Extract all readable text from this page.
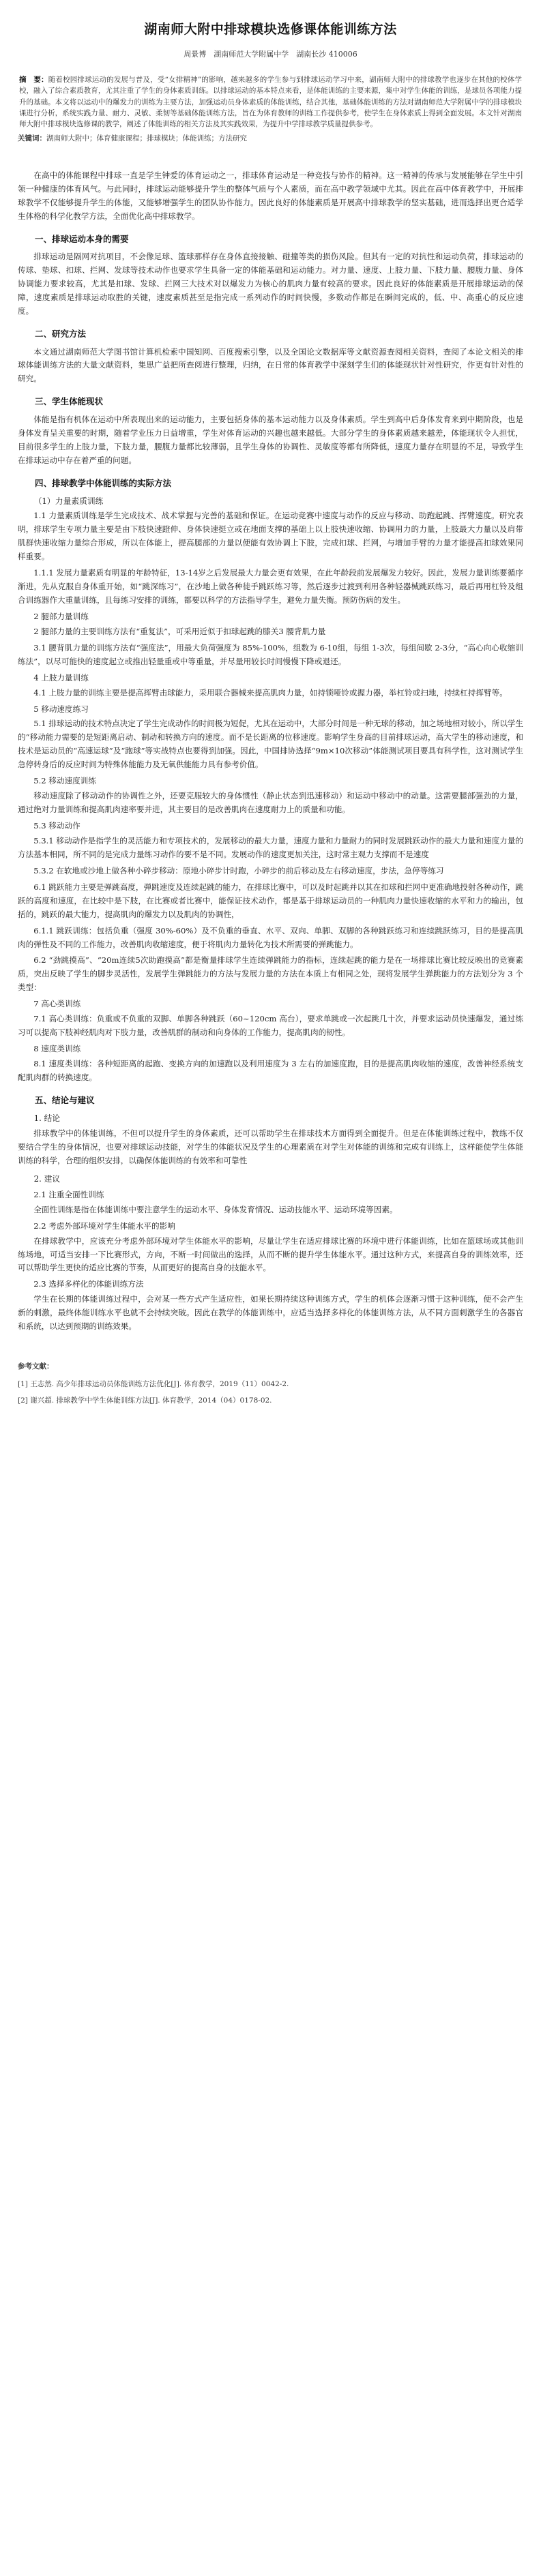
湖南师大附中排球模块选修课体能训练方法
周景博　湖南师范大学附属中学　湖南长沙 410006
摘　要：随着校园排球运动的发展与普及，受“女排精神”的影响，越来越多的学生参与到排球运动学习中来，湖南师大附中的排球教学也逐步在其他的校体学校，融入了综合素质教育，尤其注重了学生的身体素质训练。以排球运动的基本特点来看，是体能训练的主要来源，集中对学生体能的训练，是球员各项能力提升的基础。本文将以运动中的爆发力的训练为主要方法，加强运动员身体素质的体能训练，结合其他，基础体能训练的方法对湖南师范大学附属中学的排球模块课进行分析，系统实践力量、耐力、灵敏、柔韧等基础体能训练方法，旨在为体育教师的训练工作提供参考，使学生在身体素质上得到全面发展。本文针对湖南师大附中排球模块选修课的教学，阐述了体能训练的相关方法及其实践效果，为提升中学排球教学质量提供参考。
关键词：湖南师大附中；体育健康课程；排球模块；体能训练；方法研究

在高中的体能课程中排球一直是学生钟爱的体育运动之一，排球体育运动是一种竞技与协作的精神。这一精神的传承与发展能够在学生中引领一种健康的体育风气。与此同时，排球运动能够提升学生的整体气质与个人素质，而在高中教学领域中尤其。因此在高中体育教学中，开展排球教学不仅能够提升学生的体能，又能够增强学生的团队协作能力。因此良好的体能素质是开展高中排球教学的坚实基础，进而选择出更合适学生体格的科学化教学方法，全面优化高中排球教学。

一、排球运动本身的需要

排球运动是隔网对抗项目，不会像足球、篮球那样存在身体直接接触、碰撞等类的损伤风险。但其有一定的对抗性和运动负荷，排球运动的传球、垫球、扣球、拦网、发球等技术动作也要求学生具备一定的体能基础和运动能力。对力量、速度、上肢力量、下肢力量、腰腹力量、身体协调能力要求较高，尤其是扣球、发球、拦网三大技术对以爆发力为核心的肌肉力量有较高的要求。因此良好的体能素质是开展排球运动的保障，速度素质是排球运动取胜的关键，速度素质甚至是指完成一系列动作的时间快慢，多数动作都是在瞬间完成的，低、中、高重心的反应速度。

二、研究方法

本文通过湖南师范大学图书馆计算机检索中国知网、百度搜索引擎，以及全国论文数据库等文献资源查阅相关资料，查阅了本论文相关的排球体能训练方法的大量文献资料，集思广益把所查阅进行整理，归纳，在日常的体育教学中深刻学生们的体能现状针对性研究，作更有针对性的研究。

三、学生体能现状

体能是指有机体在运动中所表现出来的运动能力，主要包括身体的基本运动能力以及身体素质。学生到高中后身体发育来到中期阶段，也是身体发育呈关重要的时期，随着学业压力日益增重，学生对体育运动的兴趣也越来越低。大部分学生的身体素质越来越差，体能现状令人担忧，目前很多学生的上肢力量，下肢力量，腰腹力量都比较薄弱，且学生身体的协调性、灵敏度等都有所降低，速度力量存在明显的不足，导致学生在排球运动中存在着严重的问题。

四、排球教学中体能训练的实际方法
（1）力量素质训练

1.1 力量素质训练是学生完成技术、战术掌握与完善的基础和保证。在运动竞赛中速度与动作的反应与移动、助跑起跳、挥臂速度。研究表明，排球学生专项力量主要是由下肢快速蹬伸、身体快速挺立或在地面支撑的基础上以上肢快速收缩、协调用力的力量，上肢最大力量以及肩带肌群快速收缩力量综合形成，所以在体能上，提高腿部的力量以便能有效协调上下肢，完成扣球、拦网，与增加手臂的力量才能提高扣球效果同样重要。

1.1.1 发展力量素质有明显的年龄特征，13-14岁之后发展最大力量会更有效果，在此年龄段前发展爆发力较好。因此，发展力量训练要循序渐进，先从克服自身体重开始，如“跳深练习”，在沙地上做各种徒手跳跃练习等，然后逐步过渡到利用各种轻器械跳跃练习，最后再用杠铃及组合训练器作大重量训练，且每练习安排的训练，都要以科学的方法指导学生，避免力量失衡。预防伤病的发生。

2 腿部力量训练

2 腿部力量的主要训练方法有“重复法”，可采用近似于扣球起跳的膝关3 腰背肌力量

3.1 腰背肌力量的训练方法有“强度法”，用最大负荷强度为 85%-100%，组数为 6-10组，每组 1-3次，每组间歇 2-3分，“高心向心收缩训练法”，以尽可能快的速度起立或推出轻量重或中等重量，并尽量用较长时间慢慢下降或退还。

4 上肢力量训练

4.1 上肢力量的训练主要是提高挥臂击球能力，采用联合器械来提高肌肉力量，如持锁哑铃或握力器，举杠铃或扫地，持续杠持挥臂等。

5 移动速度练习

5.1 排球运动的技术特点决定了学生完成动作的时间极为短促，尤其在运动中，大部分时间是一种无球的移动，加之场地相对较小，所以学生的“移动能力需要的是短距离启动、制动和转换方向的速度。而不是长距离的位移速度。影响学生身高的目前排球运动，高大学生的移动速度，和技术是运动员的“高速运球”及“跑球”等实战特点也要得到加强。因此，中国排协选择“9m×10次移动”体能测试项目要具有科学性，这对测试学生急停转身后的反应时间为特殊体能能力及无氧供能能力具有参考价值。

5.2 移动速度训练

移动速度除了移动动作的协调性之外，还要克服较大的身体惯性（静止状态到迅速移动）和运动中移动中的动量。这需要腿部强劲的力量，通过绝对力量训练和提高肌肉速率要并进，其主要目的是改善肌肉在速度耐力上的质量和功能。

5.3 移动动作

5.3.1 移动动作是指学生的灵活能力和专项技术的，发展移动的最大力量，速度力量和力量耐力的同时发展跳跃动作的最大力量和速度力量的方法基本相同，所不同的是完成力量练习动作的要不是不同。发展动作的速度更加关注，这时常主观力支撑而不是速度

5.3.2 在软地或沙地上做各种小碎步移动：原地小碎步计时跑，小碎步的前后移动及左右移动速度，步法，急停等练习

6.1 跳跃能力主要是弹跳高度，弹跳速度及连续起跳的能力，在排球比赛中，可以及时起跳并以其在扣球和拦网中更准确地投射各种动作，跳跃的高度和速度，在比较中是下肢，在比赛或者比赛中，能保证技术动作，都是基于排球运动员的一种肌肉力量快速收缩的水平和力的输出，包括的，跳跃的最大能力，提高肌肉的爆发力以及肌肉的协调性，

6.1.1 跳跃训练：包括负重（强度 30%-60%）及不负重的垂直、水平、双向、单脚、双脚的各种跳跃练习和连续跳跃练习，目的是提高肌肉的弹性及不同的工作能力，改善肌肉收缩速度，便于将肌肉力量转化为技术所需要的弹跳能力。

6.2 “劲跳摸高”、“20m连续5次助跑摸高”都是衡量排球学生连续弹跳能力的指标，连续起跳的能力是在一场排球比赛比较反映出的竞赛素质，突出反映了学生的脚步灵活性，发展学生弹跳能力的方法与发展力量的方法在本质上有相同之处，现将发展学生弹跳能力的方法划分为 3 个类型：

7 高心类训练

7.1 高心类训练：负重或不负重的双脚、单脚各种跳跃（60~120cm 高台），要求单跳或一次起跳几十次，并要求运动员快速爆发，通过练习可以提高下肢神经肌肉对下肢力量，改善肌群的制动和向身体的工作能力，提高肌肉的韧性。

8 速度类训练

8.1 速度类训练：各种短距离的起跑、变换方向的加速跑以及利用速度为 3 左右的加速度跑，目的是提高肌肉收缩的速度，改善神经系统支配肌肉群的转换速度。

五、结论与建议
1. 结论

排球教学中的体能训练，不但可以提升学生的身体素质，还可以帮助学生在排球技术方面得到全面提升。但是在体能训练过程中，教练不仅要结合学生的身体情况，也要对排球运动技能，对学生的体能状况及学生的心理素质在对学生对体能的训练和完成有训练上，这样能使学生体能训练的科学，合理的组织安排，以确保体能训练的有效率和可靠性

2. 建议
2.1 注重全面性训练

全面性训练是指在体能训练中要注意学生的运动水平、身体发育情况、运动技能水平、运动环境等因素。

2.2 考虑外部环境对学生体能水平的影响

在排球教学中，应该充分考虑外部环境对学生体能水平的影响，尽量让学生在适应排球比赛的环境中进行体能训练，比如在篮球场或其他训练场地，可适当安排一下比赛形式，方向，不断一时间做出的选择，从而不断的提升学生体能水平。通过这种方式，来提高自身的训练效率，还可以帮助学生更快的适应比赛的节奏，从而更好的提高自身的技能水平。

2.3 选择多样化的体能训练方法

学生在长期的体能训练过程中，会对某一些方式产生适应性，如果长期持续这种训练方式，学生的机体会逐渐习惯于这种训练，便不会产生新的刺激，最终体能训练水平也就不会持续突破。因此在教学的体能训练中，应适当选择多样化的体能训练方法，从不同方面刺激学生的各器官和系统，以达到预期的训练效果。

参考文献：
[1] 王志然. 高少年排球运动员体能训练方法优化[J]. 体育教学，2019（11）0042-2.
[2] 谢兴超. 排球教学中学生体能训练方法[J]. 体育教学，2014（04）0178-02.
